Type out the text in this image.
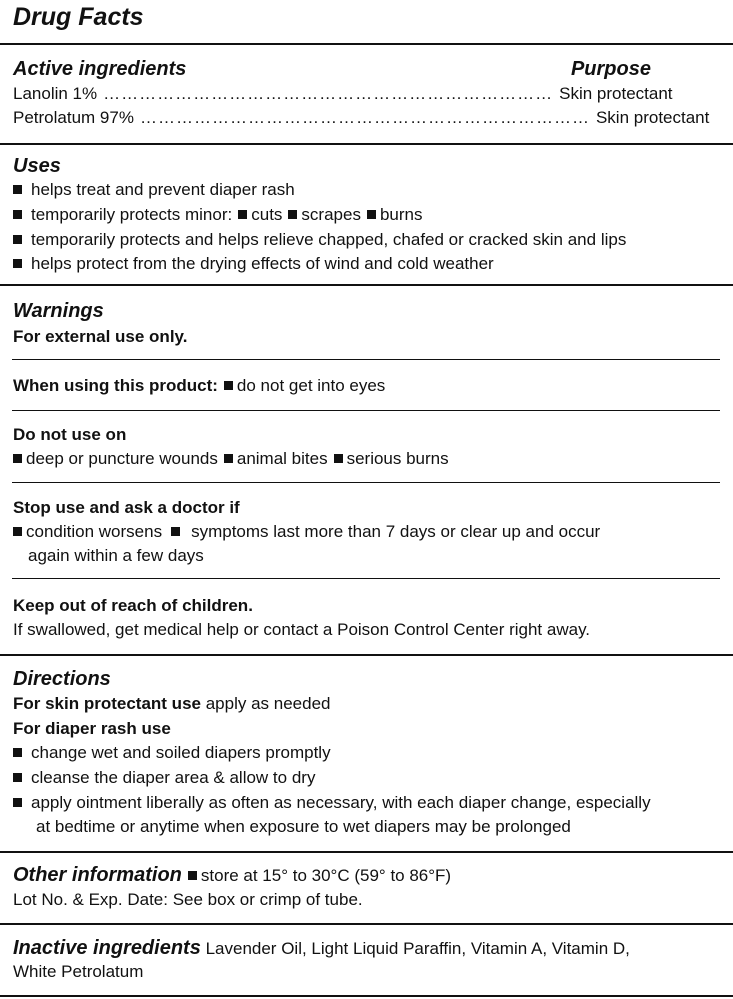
Drug Facts
Active ingredients	Purpose
Lanolin 1% ………………………………………………………………… Skin protectant
Petrolatum 97% ………………………………………………………………… Skin protectant
Uses
helps treat and prevent diaper rash
temporarily protects minor: cuts scrapes burns
temporarily protects and helps relieve chapped, chafed or cracked skin and lips
helps protect from the drying effects of wind and cold weather
Warnings
For external use only.
When using this product: do not get into eyes
Do not use on
deep or puncture wounds animal bites serious burns
Stop use and ask a doctor if
condition worsens symptoms last more than 7 days or clear up and occur
again within a few days
Keep out of reach of children.
If swallowed, get medical help or contact a Poison Control Center right away.
Directions
For skin protectant use apply as needed
For diaper rash use
change wet and soiled diapers promptly
cleanse the diaper area & allow to dry
apply ointment liberally as often as necessary, with each diaper change, especially
at bedtime or anytime when exposure to wet diapers may be prolonged
Other information store at 15° to 30°C (59° to 86°F)
Lot No. & Exp. Date: See box or crimp of tube.
Inactive ingredients Lavender Oil, Light Liquid Paraffin, Vitamin A, Vitamin D,
White Petrolatum
